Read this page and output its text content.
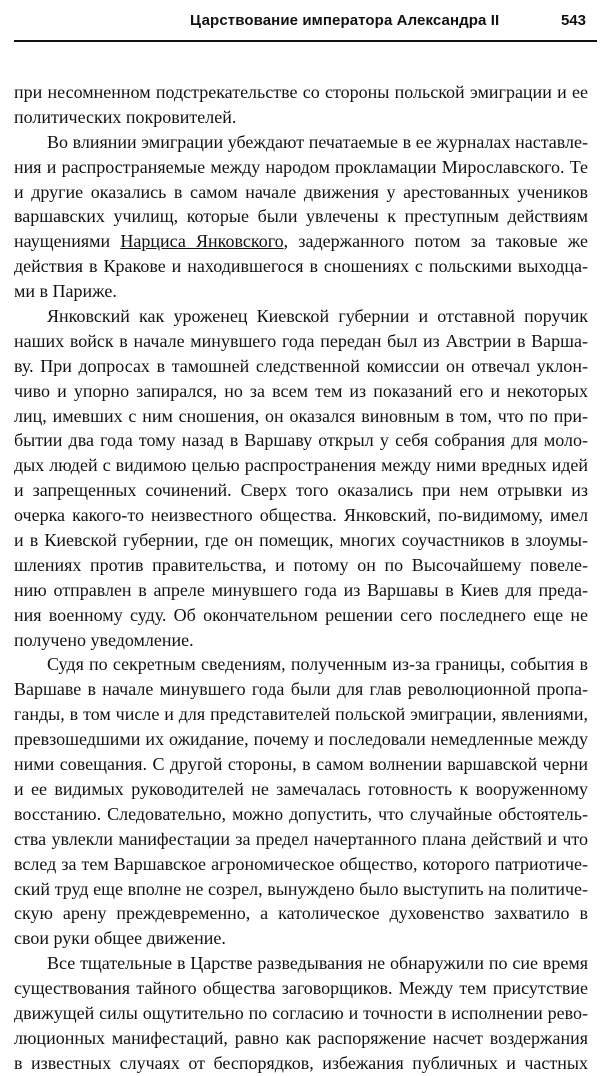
Царствование императора Александра II	543
при несомненном подстрекательстве со стороны польской эмиграции и ее
политических покровителей.
Во влиянии эмиграции убеждают печатаемые в ее журналах наставле-
ния и распространяемые между народом прокламации Мирославского. Те
и другие оказались в самом начале движения у арестованных учеников
варшавских училищ, которые были увлечены к преступным действиям
наущениями Нарциса Янковского, задержанного потом за таковые же
действия в Кракове и находившегося в сношениях с польскими выходца-
ми в Париже.
Янковский как уроженец Киевской губернии и отставной поручик
наших войск в начале минувшего года передан был из Австрии в Варша-
ву. При допросах в тамошней следственной комиссии он отвечал уклон-
чиво и упорно запирался, но за всем тем из показаний его и некоторых
лиц, имевших с ним сношения, он оказался виновным в том, что по при-
бытии два года тому назад в Варшаву открыл у себя собрания для моло-
дых людей с видимою целью распространения между ними вредных идей
и запрещенных сочинений. Сверх того оказались при нем отрывки из
очерка какого-то неизвестного общества. Янковский, по-видимому, имел
и в Киевской губернии, где он помещик, многих соучастников в злоумы-
шлениях против правительства, и потому он по Высочайшему повеле-
нию отправлен в апреле минувшего года из Варшавы в Киев для преда-
ния военному суду. Об окончательном решении сего последнего еще не
получено уведомление.
Судя по секретным сведениям, полученным из-за границы, события в
Варшаве в начале минувшего года были для глав революционной пропа-
ганды, в том числе и для представителей польской эмиграции, явлениями,
превзошедшими их ожидание, почему и последовали немедленные между
ними совещания. С другой стороны, в самом волнении варшавской черни
и ее видимых руководителей не замечалась готовность к вооруженному
восстанию. Следовательно, можно допустить, что случайные обстоятель-
ства увлекли манифестации за предел начертанного плана действий и что
вслед за тем Варшавское агрономическое общество, которого патриотиче-
ский труд еще вполне не созрел, вынуждено было выступить на политиче-
скую арену преждевременно, а католическое духовенство захватило в
свои руки общее движение.
Все тщательные в Царстве разведывания не обнаружили по сие время
существования тайного общества заговорщиков. Между тем присутствие
движущей силы ощутительно по согласию и точности в исполнении рево-
люционных манифестаций, равно как распоряжение насчет воздержания
в известных случаях от беспорядков, избежания публичных и частных
